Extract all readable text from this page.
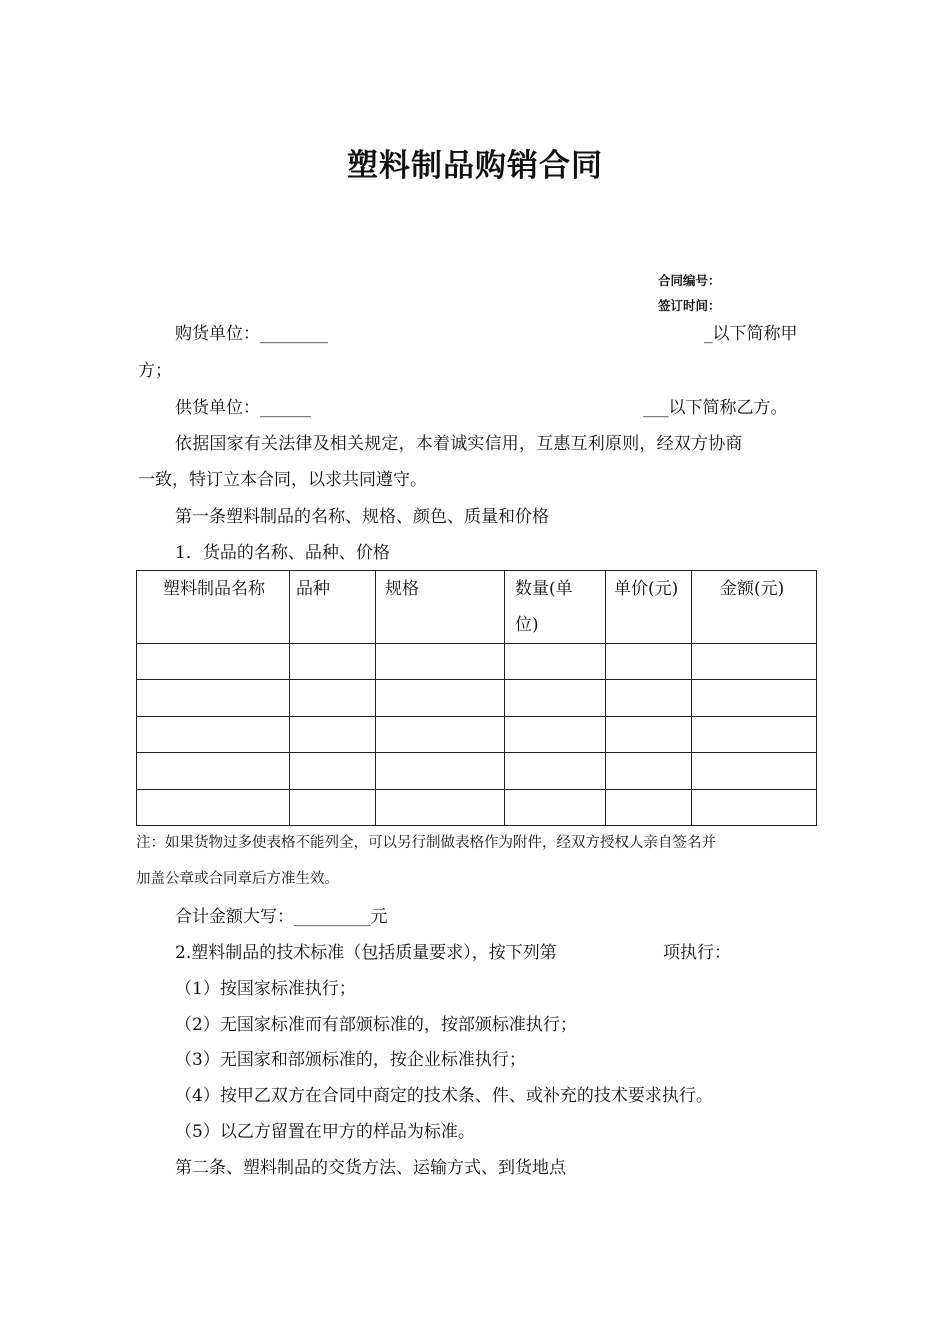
塑料制品购销合同
合同编号：
签订时间：
购货单位：________	_以下简称甲
方；
供货单位：______	___以下简称乙方。
依据国家有关法律及相关规定，本着诚实信用，互惠互利原则，经双方协商
一致，特订立本合同，以求共同遵守。
第一条塑料制品的名称、规格、颜色、质量和价格
1．货品的名称、品种、价格
塑料制品名称	品种	规格	数量(单位)	单价(元)	金额(元)

注：如果货物过多使表格不能列全，可以另行制做表格作为附件，经双方授权人亲自签名并
加盖公章或合同章后方准生效。
合计金额大写：_________元
2.塑料制品的技术标准（包括质量要求），按下列第	项执行：
（1）按国家标准执行；
（2）无国家标准而有部颁标准的，按部颁标准执行；
（3）无国家和部颁标准的，按企业标准执行；
（4）按甲乙双方在合同中商定的技术条、件、或补充的技术要求执行。
（5）以乙方留置在甲方的样品为标准。
第二条、塑料制品的交货方法、运输方式、到货地点
